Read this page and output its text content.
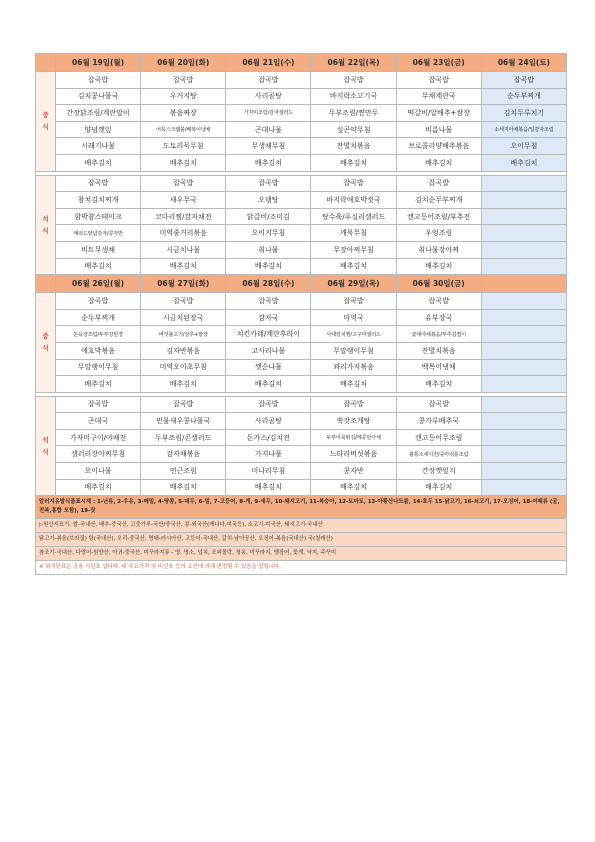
	06월 19일(월)	06월 20일(화)	06월 21일(수)	06월 22일(목)	06월 23일(금)	06월 24일(토)

중
식	잡곡밥	잡곡밥	잡곡밥	잡곡밥	잡곡밥	잡곡밥
	김치콩나물국	우거지탕	사리곰탕	바지락소고기국	무채계란국	순두부찌개
	간장닭조림/계란말이	볶음짜장	가자미조림/감자샐러드	두부조림/찐만두	떡갈비/알배추+쌈장	김치두루치기
	양념깻잎	어묵스크램블/배복이냉채	곤대나물	실곤약무침	비름나물	소세지야채볶음/일감자조림
	시래기나물	도토리묵무침	무생채무침	잔멸치볶음	브로콜리양배추볶음	오이무침
	배추김치	배추김치	배추김치	배추김치	배추김치	배추김치

석
식	잡곡밥	잡곡밥	잡곡밥	잡곡밥	잡곡밥	
	참치김치찌개	새우무국	오뎅탕	바지락애호박젓국	김치순두부찌개	
	함박참스테이크	코다리찜/감자채전	닭갈비/조미김	탕수육/푸실리샐러드	캔고등어조림/부추전	
	매쉬드양념감자/콩자반	미역줄거리볶음	오이지무침	깨묵무침	우엉조림	
	비트무생채	시금치나물	취나물	무장아찌무침	취나물장아찌	
	배추김치	배추김치	배추김치	배추김치	배추김치	
	06월 26일(월)	06월 27일(화)	06월 28일(수)	06월 29일(목)	06월 30일(금)	

중
식	잡곡밥	잡곡밥	잡곡밥	잡곡밥	잡곡밥	
	순두부찌개	시금치된장국	감자국	미역국	유부장국	
	돈육장조림/두부강된장	버섯불고기/상추+쌈장	치킨카레/계란후라이	사태김치찜/고구마샐러드	숯대야채볶음/부추김절이	
	애호박볶음	김자반볶음	고사리나물	무말랭이무침	잔멸치볶음	
	무말랭이무침	미역오이초무침	깻순나물	꽈리가지볶음	백목이냉채	
	배추김치	배추김치	배추김치	배추김치	배추김치	

석
식	잡곡밥	잡곡밥	잡곡밥	잡곡밥	잡곡밥	
	곤대국	민물새우콩나물국	사리곰탕	쑥갓조개탕	콩가루배추국	
	가자미구이/야채전	두부조림/콘샐러드	돈가스/김치전	두부어묵튀김/메콩한사채	캔고등어무조림	
	샐러리장아찌무침	감자채볶음	가지나물	느타리버섯볶음	불통소세지전/중마쉬롱조림	
	오이나물	연근조림	미나리무침	콩자반	간장깻잎지	
	배추김치	배추김치	배추김치	배추김치	배추김치	
알러지유발식품표시제 : 1-난류, 2-우유, 3-메밀, 4-땅콩, 5-대두, 6-밀, 7-고등어, 8-게, 9-새우, 10-돼지고기, 11-복숭아, 12-토마토, 13-아황산나트륨, 14-호두 15-닭고기, 16-쇠고기, 17-오징어, 18-어패류 (굴,전복,홍합 포함), 19-잣
▷원산지표기: 쌀-국내산, 배추-중국산, 고춧가루-국산/중국산, 콩-외국산(캐나다,미국등), 소고기-미국산, 돼지고기-국내산
닭고기-볶음(브라질) 탕(국내산), 오리-중국산, 명태-러시아산, 고등어-국내산, 갈치-남아공산, 오징어-볶음(국내산) 국(칠레산)
참조기-국내산, 다랑어-원양산, 아귀-중국산, 미꾸라지류 - 영, 명소, 넙치, 조피볼락, 청동, 미꾸라지, 뱀장어, 꽃게, 낙지, 주꾸미
※ 위식단표는 공용 식단표 입니다. 내 수요가격 및 비선육 등의 요인에 의해 변경될 수 있음을 알립니다.
